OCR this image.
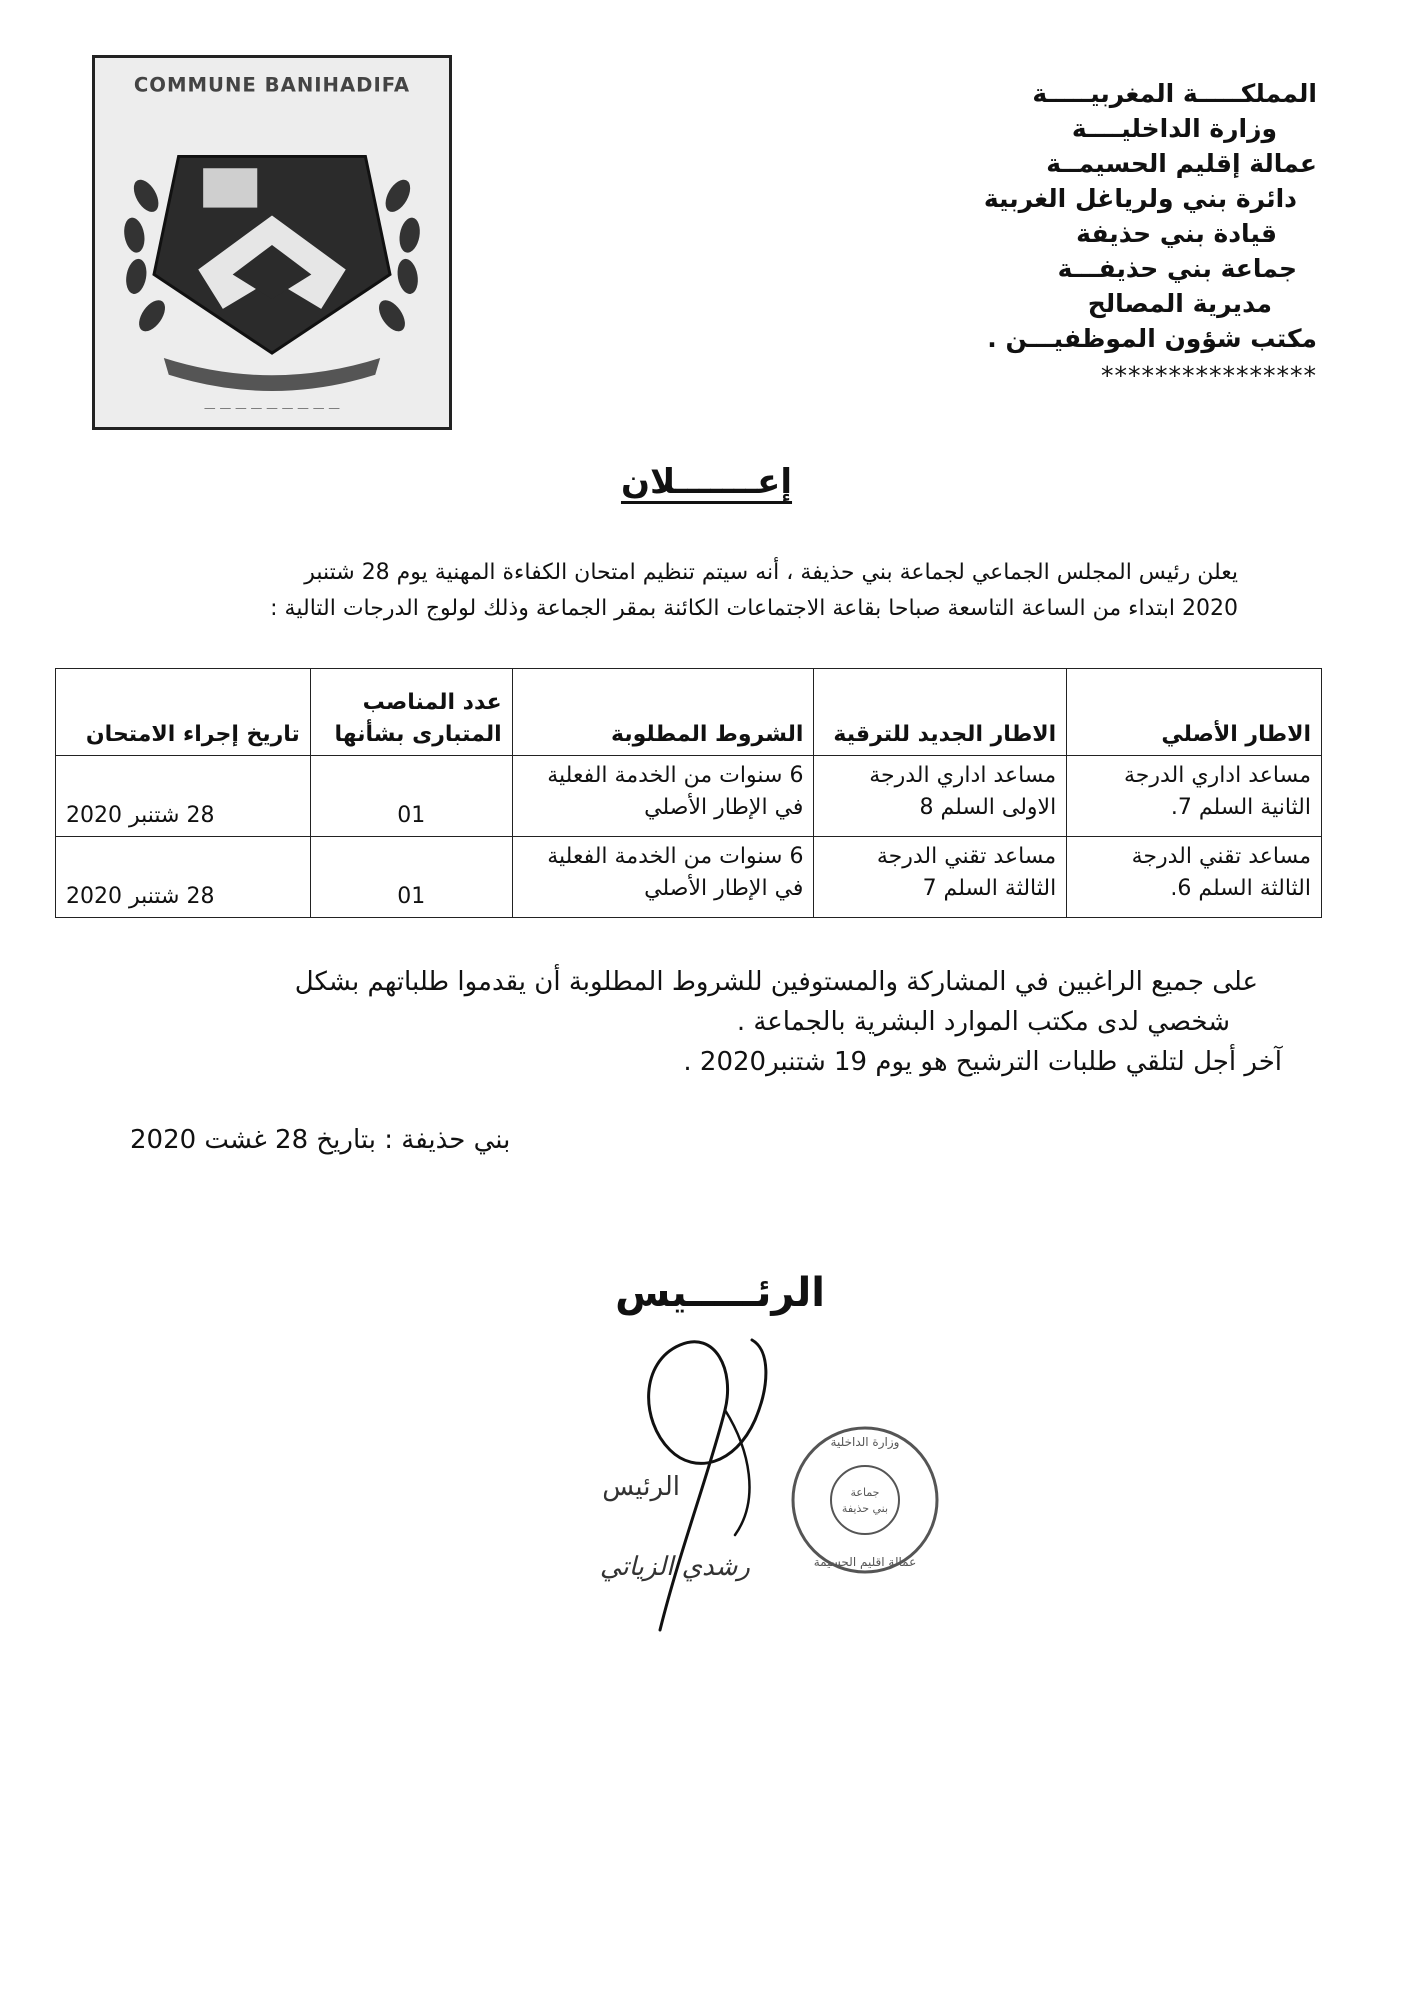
COMMUNE BANIHADIFA
— — — — — — — — —
المملكـــــة المغربيـــــة
وزارة الداخليــــة
عمالة إقليم الحسيمــة
دائرة بني ولرياغل الغربية
قيادة بني حذيفة
جماعة بني حذيفـــة
مديرية المصالح
مكتب شؤون الموظفيـــن .
****************
إعـــــــلان
يعلن رئيس المجلس الجماعي لجماعة بني حذيفة ، أنه سيتم تنظيم امتحان الكفاءة المهنية يوم 28 شتنبر
2020 ابتداء من الساعة التاسعة صباحا بقاعة الاجتماعات الكائنة بمقر الجماعة وذلك لولوج الدرجات التالية :
الاطار الأصلي	الاطار الجديد للترقية	الشروط المطلوبة	عدد المناصب المتبارى بشأنها	تاريخ إجراء الامتحان
مساعد اداري الدرجة الثانية السلم 7.	مساعد اداري الدرجة الاولى السلم 8	6 سنوات من الخدمة الفعلية في الإطار الأصلي	01	28 شتنبر 2020
مساعد تقني الدرجة الثالثة السلم 6.	مساعد تقني الدرجة الثالثة السلم 7	6 سنوات من الخدمة الفعلية في الإطار الأصلي	01	28 شتنبر 2020
على جميع الراغبين في المشاركة والمستوفين للشروط المطلوبة أن يقدموا طلباتهم بشكل
شخصي لدى مكتب الموارد البشرية بالجماعة .
آخر أجل لتلقي طلبات الترشيح هو يوم 19 شتنبر2020 .
بني حذيفة : بتاريخ 28 غشت 2020
الرئـــــيس
الرئيس
رشدي الزياتي
جماعة
بني حذيفة
وزارة الداخلية
عمالة اقليم الحسيمة
